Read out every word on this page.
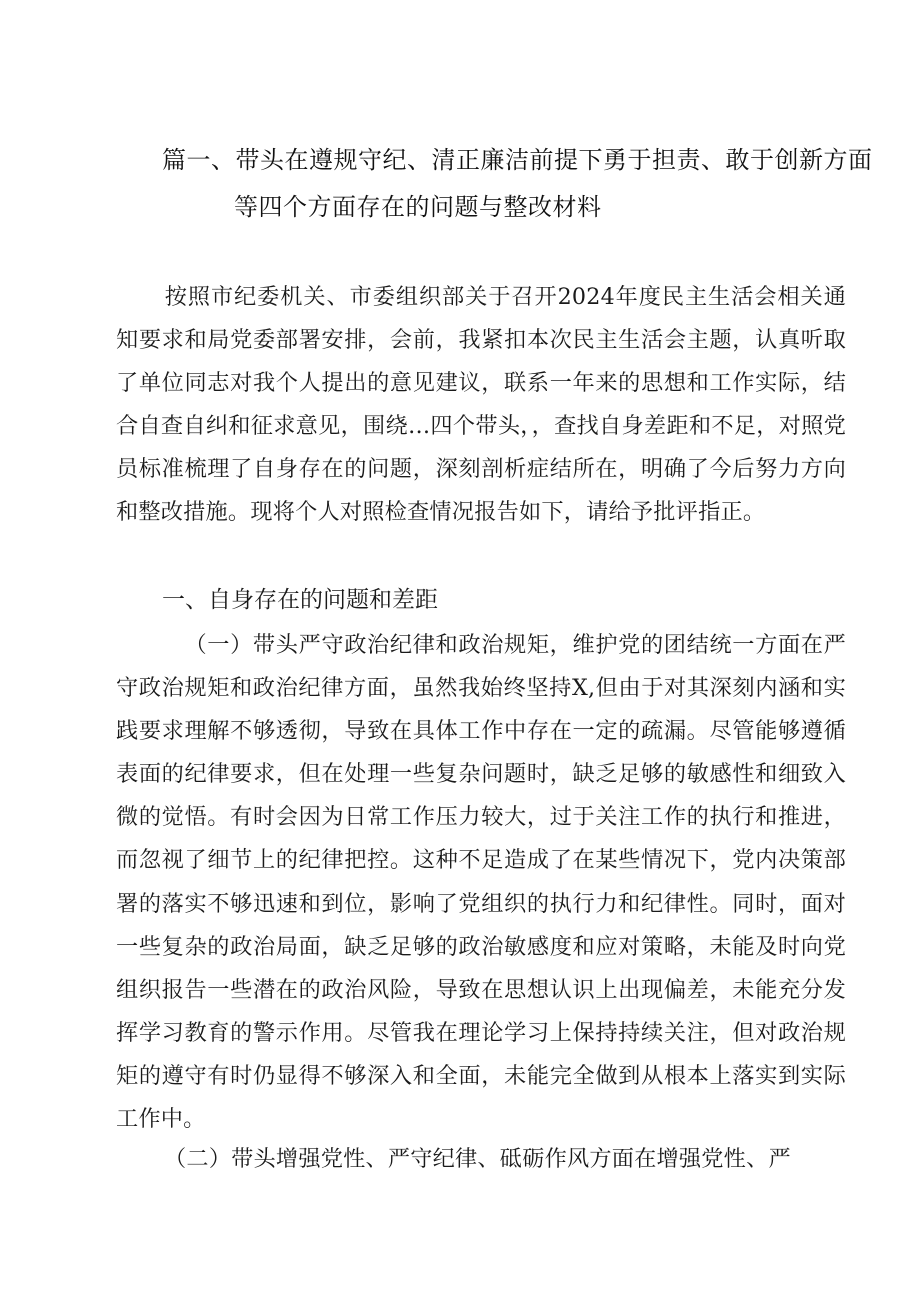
篇一、带头在遵规守纪、清正廉洁前提下勇于担责、敢于创新方面
等四个方面存在的问题与整改材料
按照市纪委机关、市委组织部关于召开2024年度民主生活会相关通知要求和局党委部署安排，会前，我紧扣本次民主生活会主题，认真听取了单位同志对我个人提出的意见建议，联系一年来的思想和工作实际，结合自查自纠和征求意见，围绕…四个带头，，查找自身差距和不足，对照党员标准梳理了自身存在的问题，深刻剖析症结所在，明确了今后努力方向和整改措施。现将个人对照检查情况报告如下，请给予批评指正。
一、自身存在的问题和差距
（一）带头严守政治纪律和政治规矩，维护党的团结统一方面在严守政治规矩和政治纪律方面，虽然我始终坚持X,但由于对其深刻内涵和实践要求理解不够透彻，导致在具体工作中存在一定的疏漏。尽管能够遵循表面的纪律要求，但在处理一些复杂问题时，缺乏足够的敏感性和细致入微的觉悟。有时会因为日常工作压力较大，过于关注工作的执行和推进，而忽视了细节上的纪律把控。这种不足造成了在某些情况下，党内决策部署的落实不够迅速和到位，影响了党组织的执行力和纪律性。同时，面对一些复杂的政治局面，缺乏足够的政治敏感度和应对策略，未能及时向党组织报告一些潜在的政治风险，导致在思想认识上出现偏差，未能充分发挥学习教育的警示作用。尽管我在理论学习上保持持续关注，但对政治规矩的遵守有时仍显得不够深入和全面，未能完全做到从根本上落实到实际工作中。
（二）带头增强党性、严守纪律、砥砺作风方面在增强党性、严
